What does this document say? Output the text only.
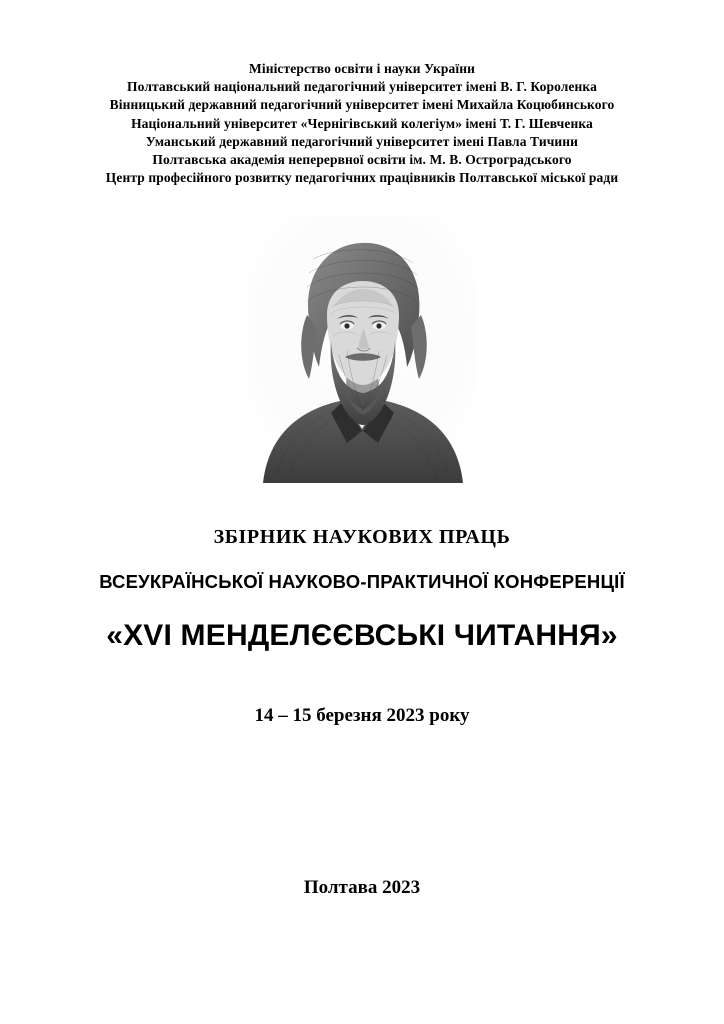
Міністерство освіти і науки України
Полтавський національний педагогічний університет імені В. Г. Короленка
Вінницький державний педагогічний університет імені Михайла Коцюбинського
Національний університет «Чернігівський колегіум» імені Т. Г. Шевченка
Уманський державний педагогічний університет імені Павла Тичини
Полтавська академія неперервної освіти ім. М. В. Остроградського
Центр професійного розвитку педагогічних працівників Полтавської міської ради
ЗБІРНИК НАУКОВИХ ПРАЦЬ
ВСЕУКРАЇНСЬКОЇ НАУКОВО-ПРАКТИЧНОЇ КОНФЕРЕНЦІЇ
«XVI МЕНДЕЛЄЄВСЬКІ ЧИТАННЯ»
14 – 15 березня 2023 року
Полтава 2023
